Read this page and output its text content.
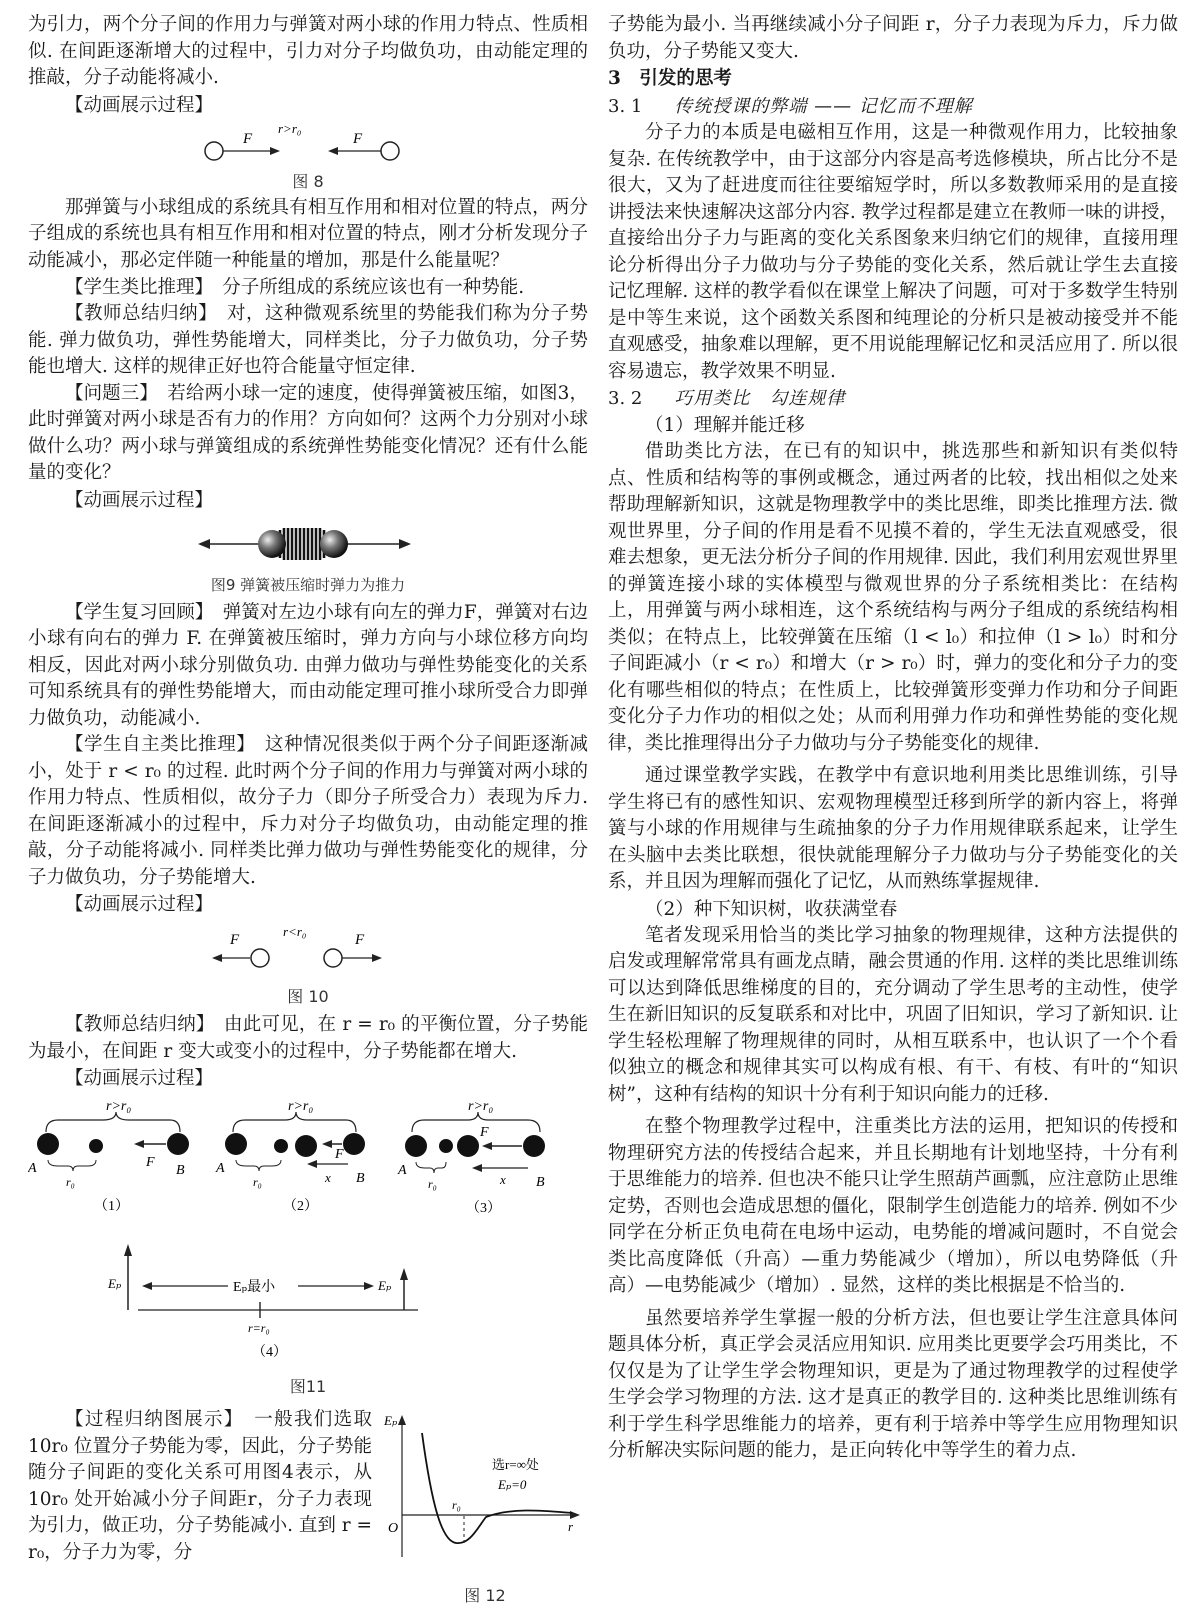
为引力，两个分子间的作用力与弹簧对两小球的作用力特点、性质相似. 在间距逐渐增大的过程中，引力对分子均做负功，由动能定理的推敲，分子动能将减小.

【动画展示过程】

F
r>r₀
F
图 8

那弹簧与小球组成的系统具有相互作用和相对位置的特点，两分子组成的系统也具有相互作用和相对位置的特点，刚才分析发现分子动能减小，那必定伴随一种能量的增加，那是什么能量呢？

【学生类比推理】　分子所组成的系统应该也有一种势能.

【教师总结归纳】　对，这种微观系统里的势能我们称为分子势能. 弹力做负功，弹性势能增大，同样类比，分子力做负功，分子势能也增大. 这样的规律正好也符合能量守恒定律.

【问题三】　若给两小球一定的速度，使得弹簧被压缩，如图3，此时弹簧对两小球是否有力的作用？方向如何？这两个力分别对小球做什么功？两小球与弹簧组成的系统弹性势能变化情况？还有什么能量的变化？

【动画展示过程】

图9 弹簧被压缩时弹力为推力

【学生复习回顾】　弹簧对左边小球有向左的弹力F，弹簧对右边小球有向右的弹力 F. 在弹簧被压缩时，弹力方向与小球位移方向均相反，因此对两小球分别做负功. 由弹力做功与弹性势能变化的关系可知系统具有的弹性势能增大，而由动能定理可推小球所受合力即弹力做负功，动能减小.

【学生自主类比推理】　这种情况很类似于两个分子间距逐渐减小，处于 r < r₀ 的过程. 此时两个分子间的作用力与弹簧对两小球的作用力特点、性质相似，故分子力（即分子所受合力）表现为斥力. 在间距逐渐减小的过程中，斥力对分子均做负功，由动能定理的推敲，分子动能将减小. 同样类比弹力做功与弹性势能变化的规律，分子力做负功，分子势能增大.

【动画展示过程】

F
r<r₀
F
图 10

【教师总结归纳】　由此可见，在 r = r₀ 的平衡位置，分子势能为最小，在间距 r 变大或变小的过程中，分子势能都在增大.

【动画展示过程】

r>r₀
A
r₀
F
B
（1）
r>r₀
A
r₀
F
x B
（2）
r>r₀
F
A
r₀	x B
（3）
Eₚ	Eₚ
Eₚ最小
r=r₀
（4）
图11
Eₚ
O	r
r₀
选r=∞处
Eₚ=0
图 12

【过程归纳图展示】　一般我们选取10r₀ 位置分子势能为零，因此，分子势能随分子间距的变化关系可用图4表示，从 10r₀ 处开始减小分子间距r，分子力表现为引力，做正功，分子势能减小. 直到 r = r₀，分子力为零，分

子势能为最小. 当再继续减小分子间距 r，分子力表现为斥力，斥力做负功，分子势能又变大.

3　引发的思考
3. 1 传统授课的弊端 —— 记忆而不理解

分子力的本质是电磁相互作用，这是一种微观作用力，比较抽象复杂. 在传统教学中，由于这部分内容是高考选修模块，所占比分不是很大，又为了赶进度而往往要缩短学时，所以多数教师采用的是直接讲授法来快速解决这部分内容. 教学过程都是建立在教师一味的讲授，直接给出分子力与距离的变化关系图象来归纳它们的规律，直接用理论分析得出分子力做功与分子势能的变化关系，然后就让学生去直接记忆理解. 这样的教学看似在课堂上解决了问题，可对于多数学生特别是中等生来说，这个函数关系图和纯理论的分析只是被动接受并不能直观感受，抽象难以理解，更不用说能理解记忆和灵活应用了. 所以很容易遗忘，教学效果不明显.

3. 2 巧用类比　勾连规律
（1）理解并能迁移

借助类比方法，在已有的知识中，挑选那些和新知识有类似特点、性质和结构等的事例或概念，通过两者的比较，找出相似之处来帮助理解新知识，这就是物理教学中的类比思维，即类比推理方法. 微观世界里，分子间的作用是看不见摸不着的，学生无法直观感受，很难去想象，更无法分析分子间的作用规律. 因此，我们利用宏观世界里的弹簧连接小球的实体模型与微观世界的分子系统相类比：在结构上，用弹簧与两小球相连，这个系统结构与两分子组成的系统结构相类似；在特点上，比较弹簧在压缩（l < l₀）和拉伸（l > l₀）时和分子间距减小（r < r₀）和增大（r > r₀）时，弹力的变化和分子力的变化有哪些相似的特点；在性质上，比较弹簧形变弹力作功和分子间距变化分子力作功的相似之处；从而利用弹力作功和弹性势能的变化规律，类比推理得出分子力做功与分子势能变化的规律.

通过课堂教学实践，在教学中有意识地利用类比思维训练，引导学生将已有的感性知识、宏观物理模型迁移到所学的新内容上，将弹簧与小球的作用规律与生疏抽象的分子力作用规律联系起来，让学生在头脑中去类比联想，很快就能理解分子力做功与分子势能变化的关系，并且因为理解而强化了记忆，从而熟练掌握规律.

（2）种下知识树，收获满堂春

笔者发现采用恰当的类比学习抽象的物理规律，这种方法提供的启发或理解常常具有画龙点睛，融会贯通的作用. 这样的类比思维训练可以达到降低思维梯度的目的，充分调动了学生思考的主动性，使学生在新旧知识的反复联系和对比中，巩固了旧知识，学习了新知识. 让学生轻松理解了物理规律的同时，从相互联系中，也认识了一个个看似独立的概念和规律其实可以构成有根、有干、有枝、有叶的“知识树”，这种有结构的知识十分有利于知识向能力的迁移.

在整个物理教学过程中，注重类比方法的运用，把知识的传授和物理研究方法的传授结合起来，并且长期地有计划地坚持，十分有利于思维能力的培养. 但也决不能只让学生照葫芦画瓢，应注意防止思维定势，否则也会造成思想的僵化，限制学生创造能力的培养. 例如不少同学在分析正负电荷在电场中运动，电势能的增减问题时，不自觉会类比高度降低（升高）—重力势能减少（增加），所以电势降低（升高）—电势能减少（增加）. 显然，这样的类比根据是不恰当的.

虽然要培养学生掌握一般的分析方法，但也要让学生注意具体问题具体分析，真正学会灵活应用知识. 应用类比更要学会巧用类比，不仅仅是为了让学生学会物理知识，更是为了通过物理教学的过程使学生学会学习物理的方法. 这才是真正的教学目的. 这种类比思维训练有利于学生科学思维能力的培养，更有利于培养中等学生应用物理知识分析解决实际问题的能力，是正向转化中等学生的着力点.
